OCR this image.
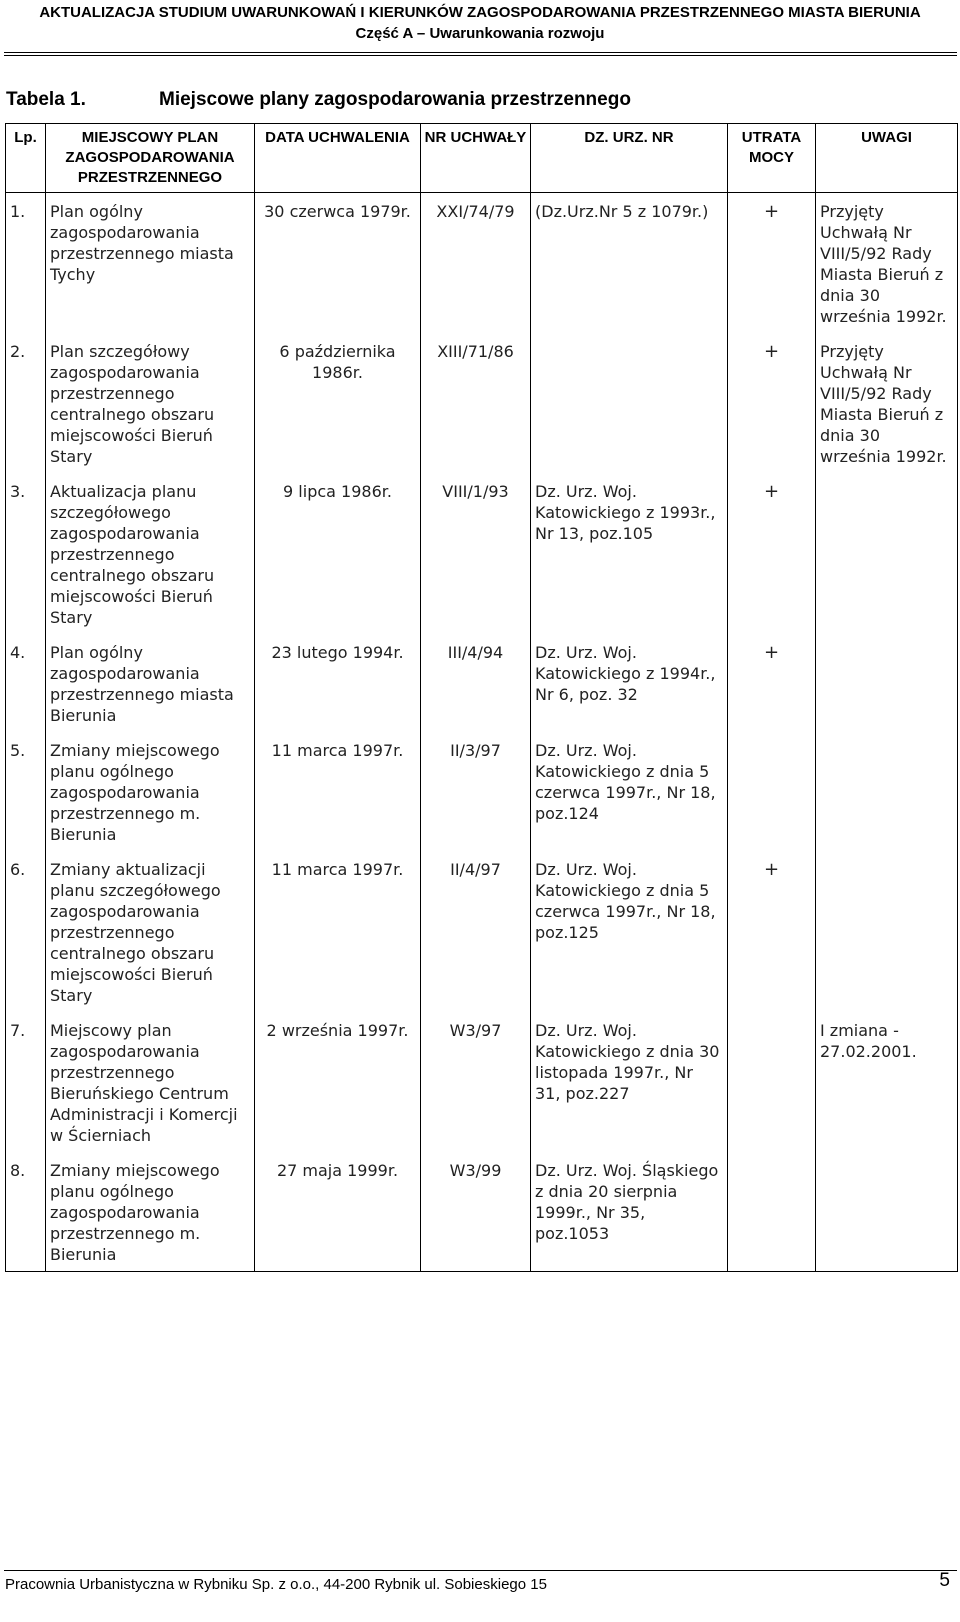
AKTUALIZACJA STUDIUM UWARUNKOWAŃ I KIERUNKÓW ZAGOSPODAROWANIA PRZESTRZENNEGO MIASTA BIERUNIA
Część A – Uwarunkowania rozwoju
Tabela 1.	Miejscowe plany zagospodarowania przestrzennego
Lp.	MIEJSCOWY PLAN ZAGOSPODAROWANIA PRZESTRZENNEGO	DATA UCHWALENIA	NR UCHWAŁY	DZ. URZ. NR	UTRATA MOCY	UWAGI
1.	Plan ogólny zagospodarowania przestrzennego miasta Tychy	30 czerwca 1979r.	XXI/74/79	(Dz.Urz.Nr 5 z 1079r.)	+	Przyjęty Uchwałą Nr VIII/5/92 Rady Miasta Bieruń z dnia 30 września 1992r.
2.	Plan szczegółowy zagospodarowania przestrzennego centralnego obszaru miejscowości Bieruń Stary	6 października 1986r.	XIII/71/86		+	Przyjęty Uchwałą Nr VIII/5/92 Rady Miasta Bieruń z dnia 30 września 1992r.
3.	Aktualizacja planu szczegółowego zagospodarowania przestrzennego centralnego obszaru miejscowości Bieruń Stary	9 lipca 1986r.	VIII/1/93	Dz. Urz. Woj. Katowickiego z 1993r., Nr 13, poz.105	+	
4.	Plan ogólny zagospodarowania przestrzennego miasta Bierunia	23 lutego 1994r.	III/4/94	Dz. Urz. Woj. Katowickiego z 1994r., Nr 6, poz. 32	+	
5.	Zmiany miejscowego planu ogólnego zagospodarowania przestrzennego m. Bierunia	11 marca 1997r.	II/3/97	Dz. Urz. Woj. Katowickiego z dnia 5 czerwca 1997r., Nr 18, poz.124		
6.	Zmiany aktualizacji planu szczegółowego zagospodarowania przestrzennego centralnego obszaru miejscowości Bieruń Stary	11 marca 1997r.	II/4/97	Dz. Urz. Woj. Katowickiego z dnia 5 czerwca 1997r., Nr 18, poz.125	+	
7.	Miejscowy plan zagospodarowania przestrzennego Bieruńskiego Centrum Administracji i Komercji w Ścierniach	2 września 1997r.	W3/97	Dz. Urz. Woj. Katowickiego z dnia 30 listopada 1997r., Nr 31, poz.227		I zmiana - 27.02.2001.
8.	Zmiany miejscowego planu ogólnego zagospodarowania przestrzennego m. Bierunia	27 maja 1999r.	W3/99	Dz. Urz. Woj. Śląskiego z dnia 20 sierpnia 1999r., Nr 35, poz.1053		
Pracownia Urbanistyczna w Rybniku Sp. z o.o., 44-200 Rybnik ul. Sobieskiego 15	5
